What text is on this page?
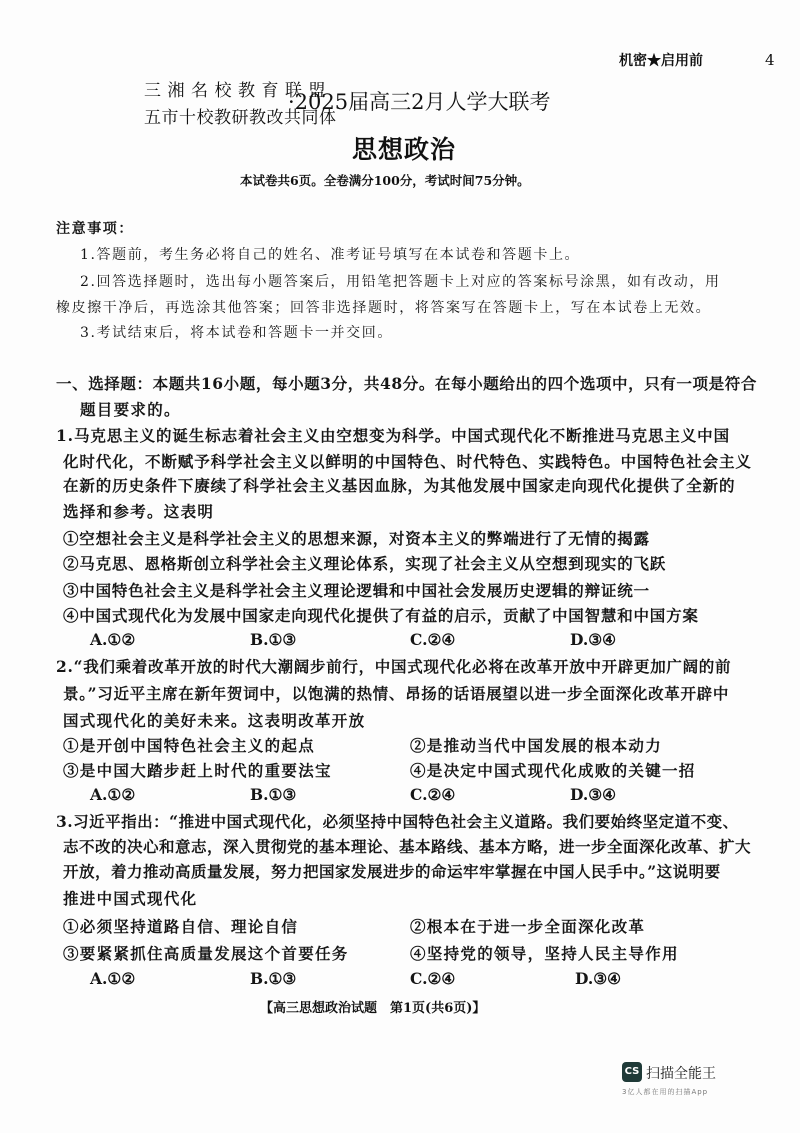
机密★启用前	4
三湘名校教育联盟
五市十校教研教改共同体
·2025届高三2月人学大联考
思想政治
本试卷共6页。全卷满分100分，考试时间75分钟。
注意事项：
1.答题前，考生务必将自己的姓名、准考证号填写在本试卷和答题卡上。
2.回答选择题时，选出每小题答案后，用铅笔把答题卡上对应的答案标号涂黑，如有改动，用
橡皮擦干净后，再选涂其他答案；回答非选择题时，将答案写在答题卡上，写在本试卷上无效。
3.考试结束后，将本试卷和答题卡一并交回。
一、选择题：本题共16小题，每小题3分，共48分。在每小题给出的四个选项中，只有一项是符合
题目要求的。
1.马克思主义的诞生标志着社会主义由空想变为科学。中国式现代化不断推进马克思主义中国
化时代化，不断赋予科学社会主义以鲜明的中国特色、时代特色、实践特色。中国特色社会主义
在新的历史条件下赓续了科学社会主义基因血脉，为其他发展中国家走向现代化提供了全新的
选择和参考。这表明
①空想社会主义是科学社会主义的思想来源，对资本主义的弊端进行了无情的揭露
②马克思、恩格斯创立科学社会主义理论体系，实现了社会主义从空想到现实的飞跃
③中国特色社会主义是科学社会主义理论逻辑和中国社会发展历史逻辑的辩证统一
④中国式现代化为发展中国家走向现代化提供了有益的启示，贡献了中国智慧和中国方案
A.①②	B.①③	C.②④	D.③④
2.“我们乘着改革开放的时代大潮阔步前行，中国式现代化必将在改革开放中开辟更加广阔的前
景。”习近平主席在新年贺词中，以饱满的热情、昂扬的话语展望以进一步全面深化改革开辟中
国式现代化的美好未来。这表明改革开放
①是开创中国特色社会主义的起点	②是推动当代中国发展的根本动力
③是中国大踏步赶上时代的重要法宝	④是决定中国式现代化成败的关键一招
A.①②	B.①③	C.②④	D.③④
3.习近平指出：“推进中国式现代化，必须坚持中国特色社会主义道路。我们要始终坚定道不变、
志不改的决心和意志，深入贯彻党的基本理论、基本路线、基本方略，进一步全面深化改革、扩大
开放，着力推动高质量发展，努力把国家发展进步的命运牢牢掌握在中国人民手中。”这说明要
推进中国式现代化
①必须坚持道路自信、理论自信	②根本在于进一步全面深化改革
③要紧紧抓住高质量发展这个首要任务	④坚持党的领导，坚持人民主导作用
A.①②	B.①③	C.②④	D.③④
【高三思想政治试题　第1页(共6页)】
CS 扫描全能王
3亿人都在用的扫描App
